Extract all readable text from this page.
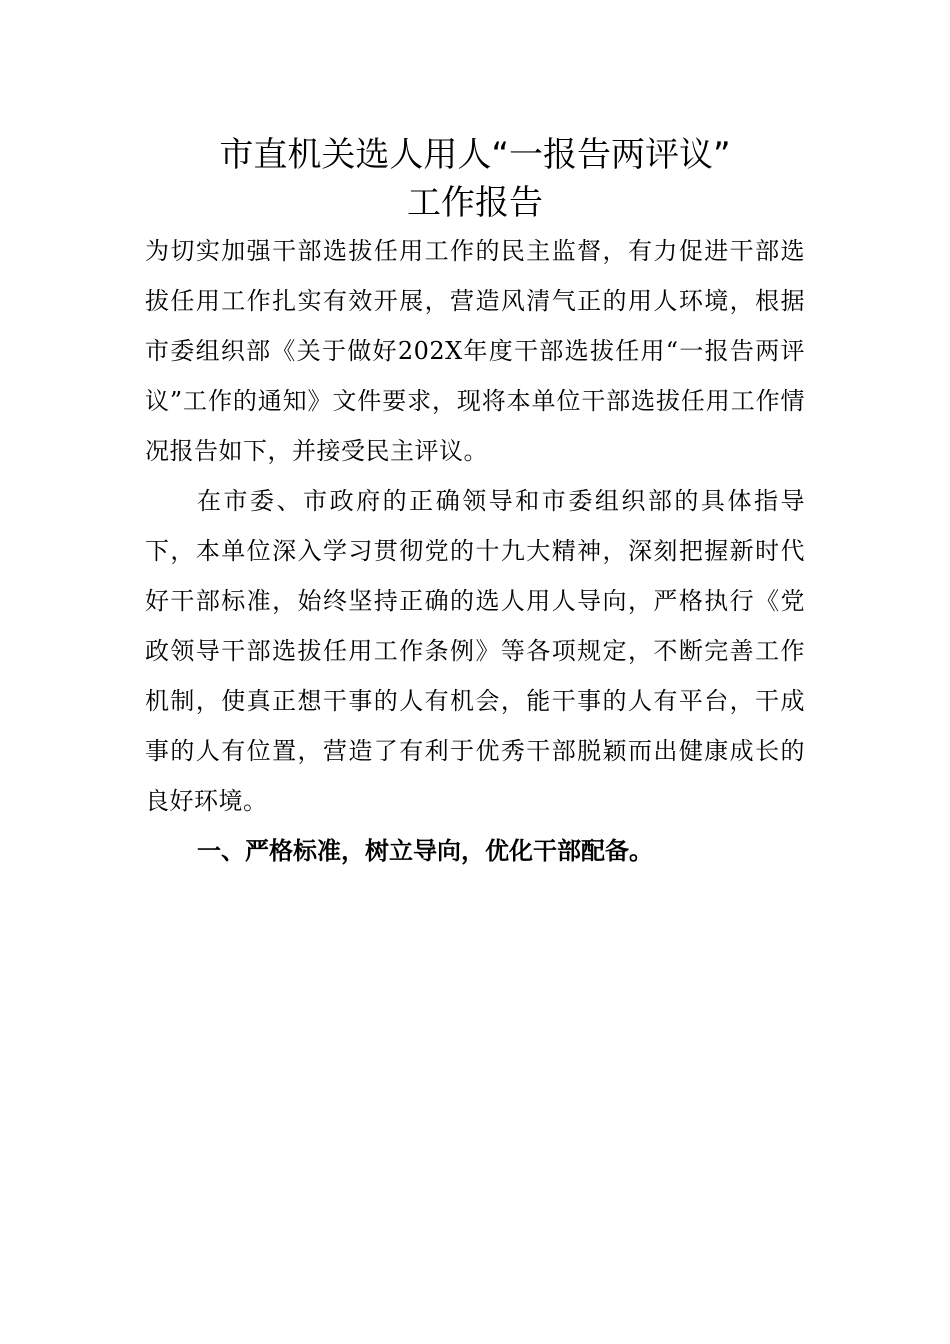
市直机关选人用人“一报告两评议”
工作报告

为切实加强干部选拔任用工作的民主监督，有力促进干部选拔任用工作扎实有效开展，营造风清气正的用人环境，根据市委组织部《关于做好202X年度干部选拔任用“一报告两评议”工作的通知》文件要求，现将本单位干部选拔任用工作情况报告如下，并接受民主评议。

在市委、市政府的正确领导和市委组织部的具体指导下，本单位深入学习贯彻党的十九大精神，深刻把握新时代好干部标准，始终坚持正确的选人用人导向，严格执行《党政领导干部选拔任用工作条例》等各项规定，不断完善工作机制，使真正想干事的人有机会，能干事的人有平台，干成事的人有位置，营造了有利于优秀干部脱颖而出健康成长的良好环境。

一、严格标准，树立导向，优化干部配备。
